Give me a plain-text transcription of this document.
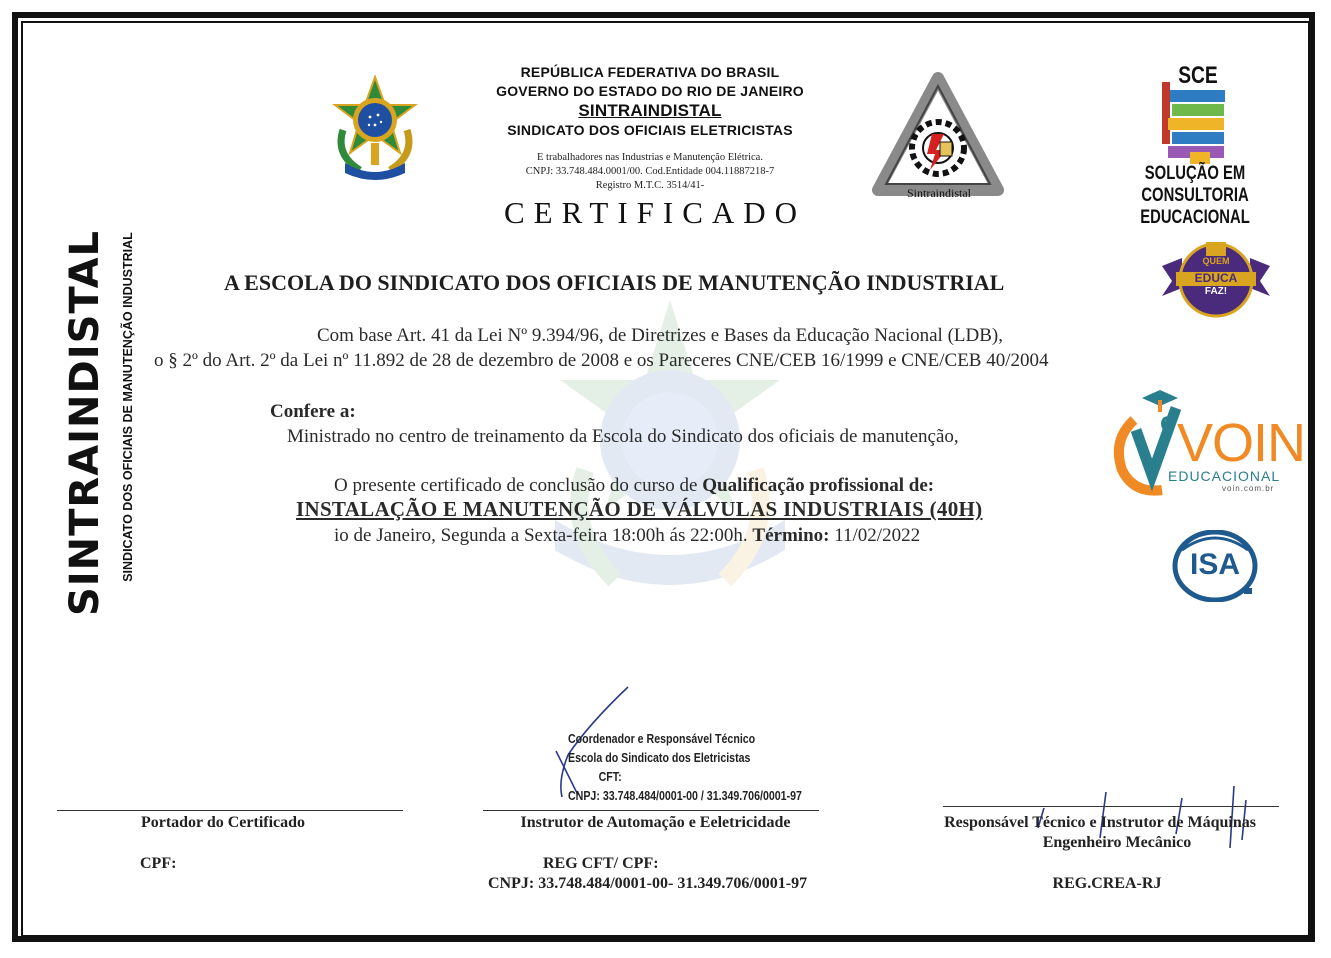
SINTRAINDISTAL SINDICATO DOS OFICIAIS DE MANUTENÇÃO INDUSTRIAL
REPÚBLICA FEDERATIVA DO BRASIL
GOVERNO DO ESTADO DO RIO DE JANEIRO
SINTRAINDISTAL
SINDICATO DOS OFICIAIS ELETRICISTAS
E trabalhadores nas Industrias e Manutenção Elétrica.
CNPJ: 33.748.484.0001/00. Cod.Entidade 004.11887218-7
Registro M.T.C. 3514/41-
CERTIFICADO
Sintraindistal
SCE
SOLUÇÃO EM CONSULTORIA
EDUCACIONAL
QUEM
EDUCA
FAZ!
e VOIN
EDUCACIONAL
voin.com.br
ISA
A ESCOLA DO SINDICATO DOS OFICIAIS DE MANUTENÇÃO INDUSTRIAL
Com base Art. 41 da Lei Nº 9.394/96, de Diretrizes e Bases da Educação Nacional (LDB),
o § 2º do Art. 2º da Lei nº 11.892 de 28 de dezembro de 2008 e os Pareceres CNE/CEB 16/1999 e CNE/CEB 40/2004
Confere a:
Ministrado no centro de treinamento da Escola do Sindicato dos oficiais de manutenção,
O presente certificado de conclusão do curso de Qualificação profissional de:
INSTALAÇÃO E MANUTENÇÃO DE VÁLVULAS INDUSTRIAIS (40H)
io de Janeiro, Segunda a Sexta-feira 18:00h ás 22:00h. Término: 11/02/2022
Coordenador e Responsável Técnico
Escola do Sindicato dos Eletricistas
CFT:
CNPJ: 33.748.484/0001-00 / 31.349.706/0001-97
Portador do Certificado
CPF:
Instrutor de Automação e Eeletricidade
REG CFT/ CPF:
CNPJ: 33.748.484/0001-00- 31.349.706/0001-97
Responsável Técnico e Instrutor de Máquinas
Engenheiro Mecânico
REG.CREA-RJ
